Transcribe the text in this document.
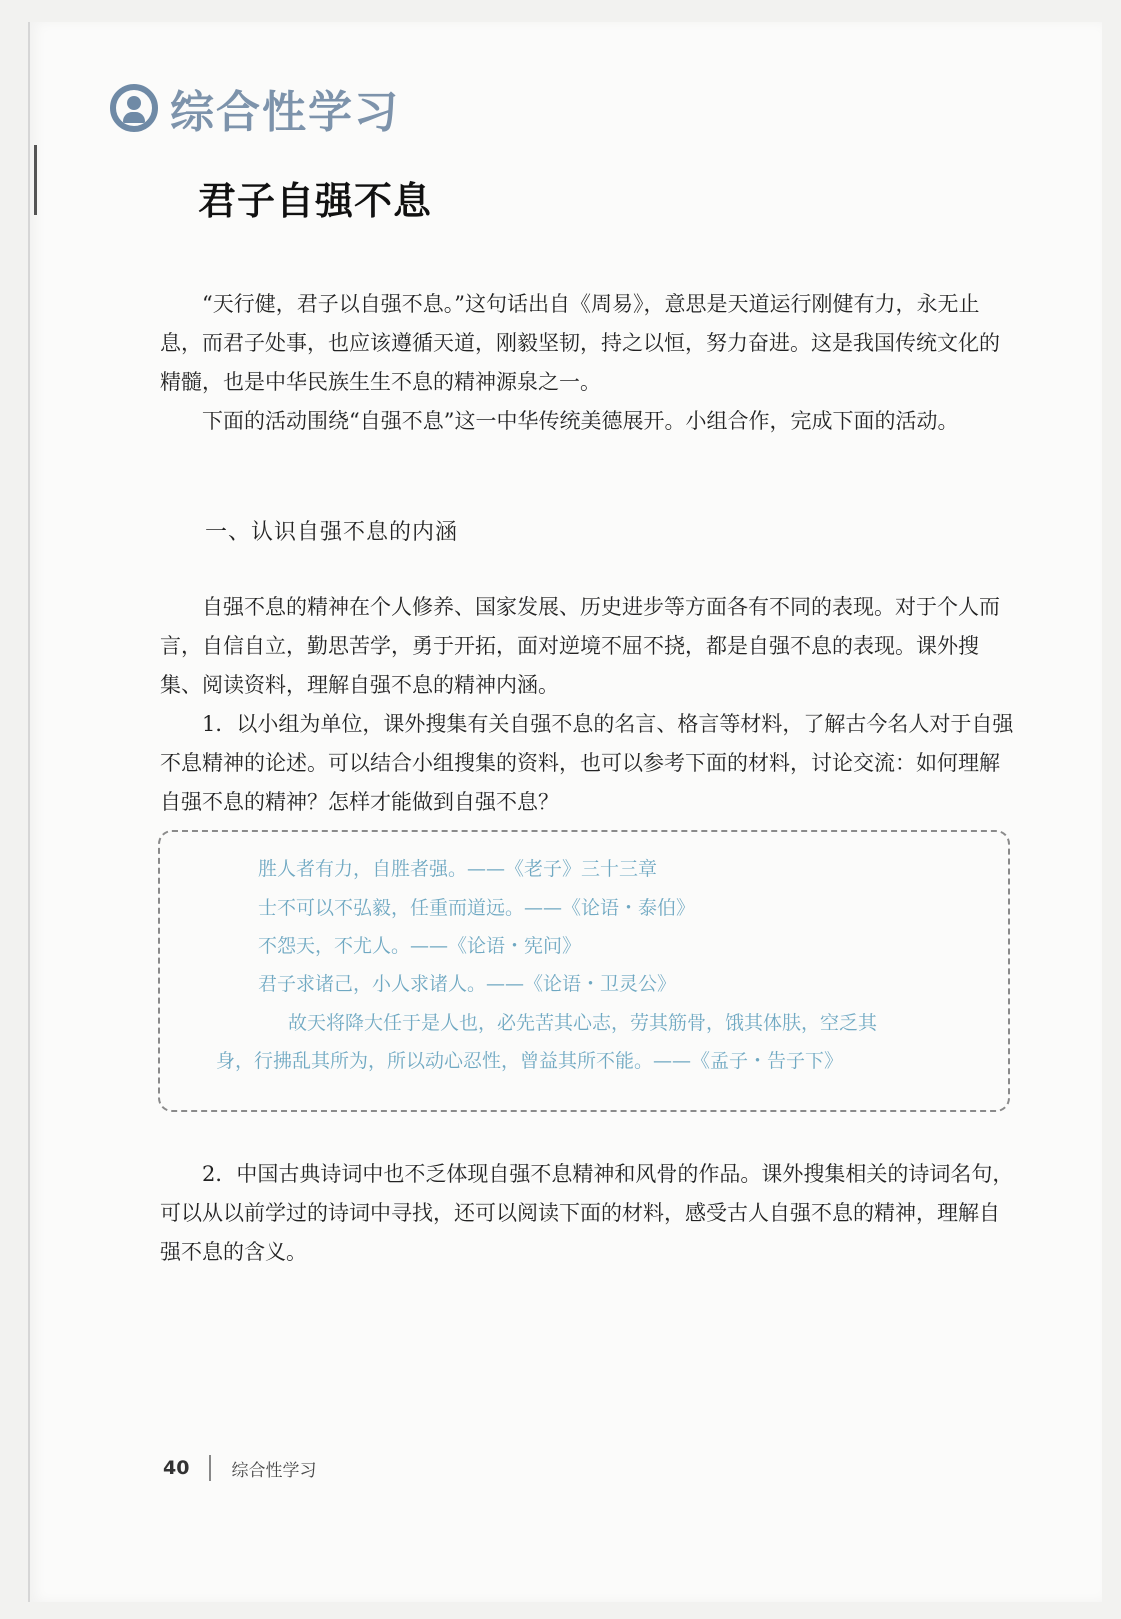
综合性学习
君子自强不息

“天行健，君子以自强不息。”这句话出自《周易》，意思是天道运行刚健有力，永无止息，而君子处事，也应该遵循天道，刚毅坚韧，持之以恒，努力奋进。这是我国传统文化的精髓，也是中华民族生生不息的精神源泉之一。

下面的活动围绕“自强不息”这一中华传统美德展开。小组合作，完成下面的活动。

一、认识自强不息的内涵

自强不息的精神在个人修养、国家发展、历史进步等方面各有不同的表现。对于个人而言，自信自立，勤思苦学，勇于开拓，面对逆境不屈不挠，都是自强不息的表现。课外搜集、阅读资料，理解自强不息的精神内涵。

1．以小组为单位，课外搜集有关自强不息的名言、格言等材料，了解古今名人对于自强不息精神的论述。可以结合小组搜集的资料，也可以参考下面的材料，讨论交流：如何理解自强不息的精神？怎样才能做到自强不息？

胜人者有力，自胜者强。——《老子》三十三章
士不可以不弘毅，任重而道远。——《论语・泰伯》
不怨天，不尤人。——《论语・宪问》
君子求诸己，小人求诸人。——《论语・卫灵公》
故天将降大任于是人也，必先苦其心志，劳其筋骨，饿其体肤，空乏其
身，行拂乱其所为，所以动心忍性，曾益其所不能。——《孟子・告子下》

2．中国古典诗词中也不乏体现自强不息精神和风骨的作品。课外搜集相关的诗词名句，可以从以前学过的诗词中寻找，还可以阅读下面的材料，感受古人自强不息的精神，理解自强不息的含义。

40 综合性学习
